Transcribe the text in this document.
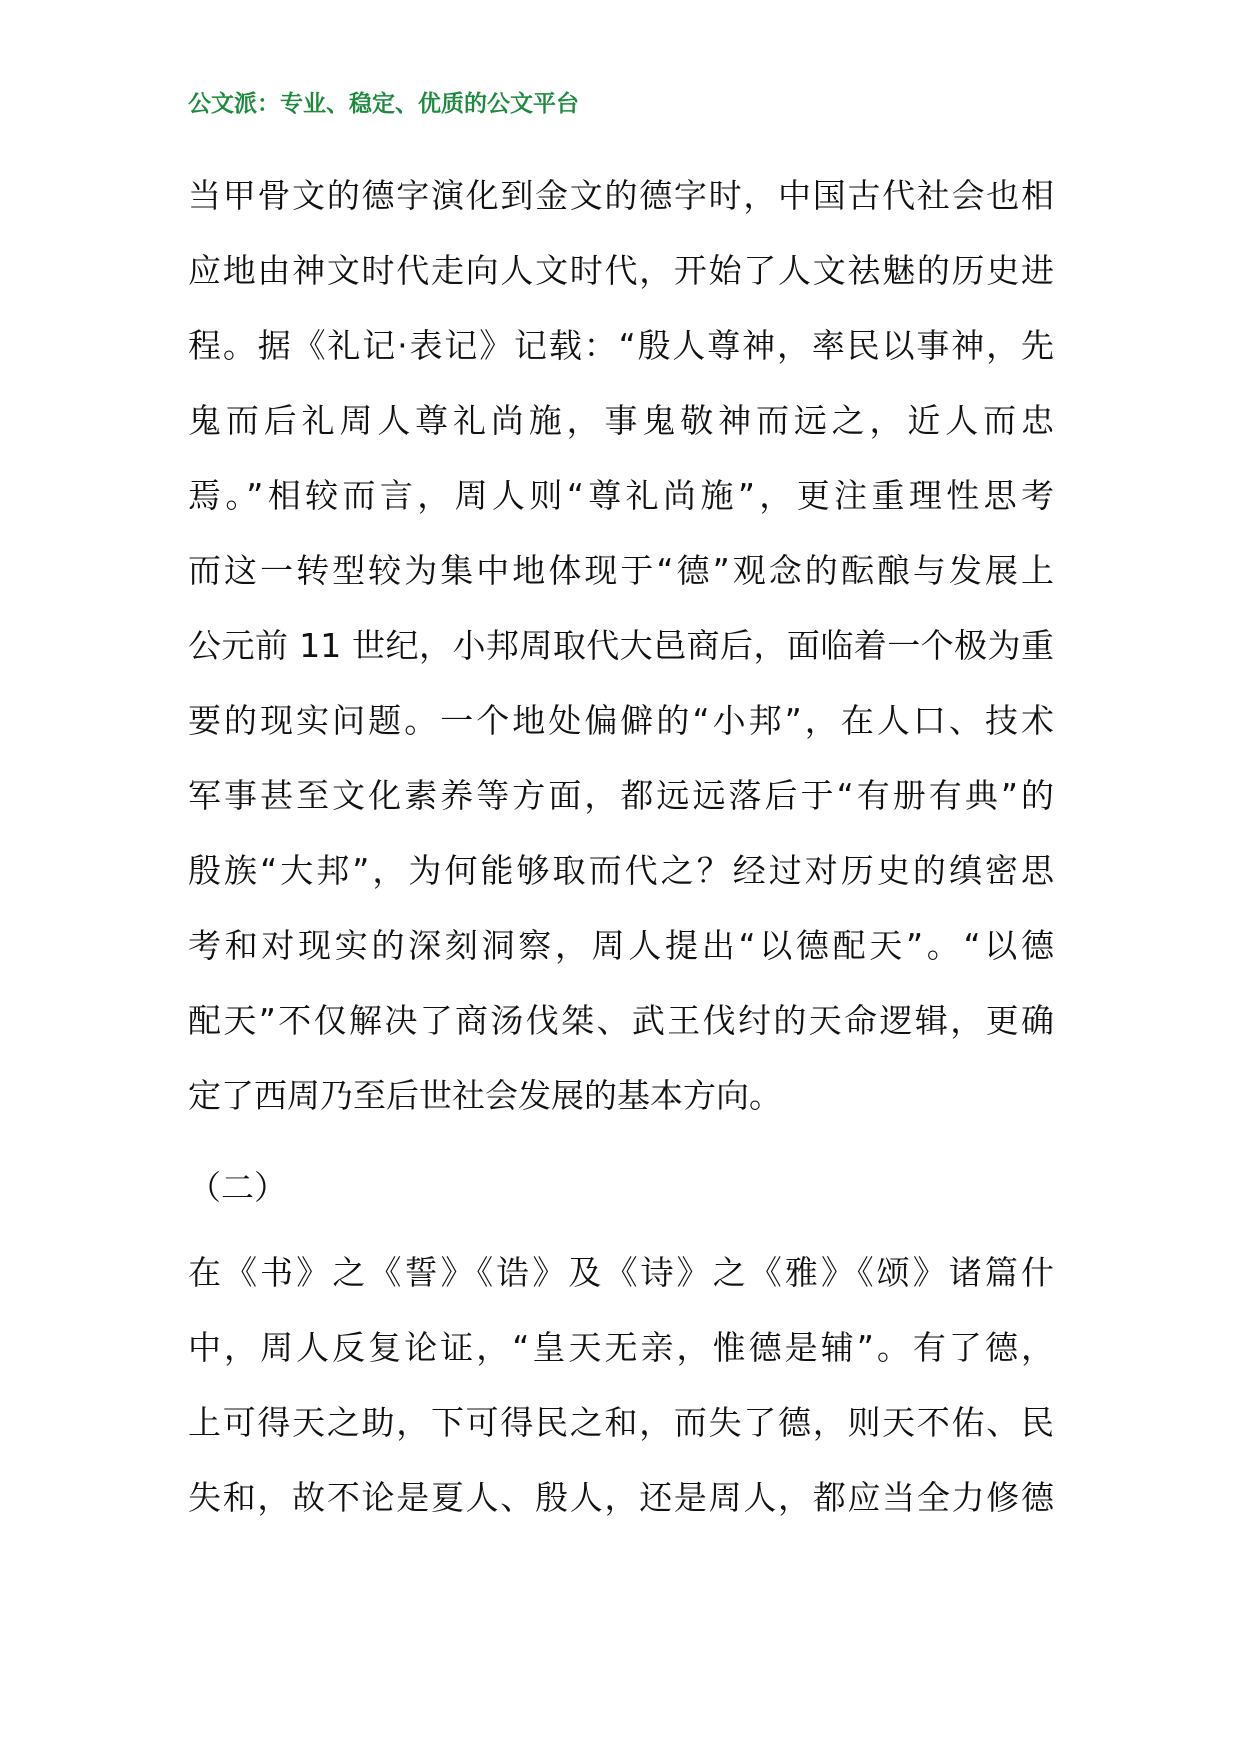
公文派：专业、稳定、优质的公文平台
当甲骨文的德字演化到金文的德字时，中国古代社会也相
应地由神文时代走向人文时代，开始了人文祛魅的历史进
程。据《礼记·表记》记载：“殷人尊神，率民以事神，先
鬼而后礼周人尊礼尚施，事鬼敬神而远之，近人而忠
焉。”相较而言，周人则“尊礼尚施”，更注重理性思考
而这一转型较为集中地体现于“德”观念的酝酿与发展上
公元前 11 世纪，小邦周取代大邑商后，面临着一个极为重
要的现实问题。一个地处偏僻的“小邦”，在人口、技术
军事甚至文化素养等方面，都远远落后于“有册有典”的
殷族“大邦”，为何能够取而代之？经过对历史的缜密思
考和对现实的深刻洞察，周人提出“以德配天”。“以德
配天”不仅解决了商汤伐桀、武王伐纣的天命逻辑，更确
定了西周乃至后世社会发展的基本方向。
（二）
在《书》之《誓》《诰》及《诗》之《雅》《颂》诸篇什
中，周人反复论证，“皇天无亲，惟德是辅”。有了德，
上可得天之助，下可得民之和，而失了德，则天不佑、民
失和，故不论是夏人、殷人，还是周人，都应当全力修德
